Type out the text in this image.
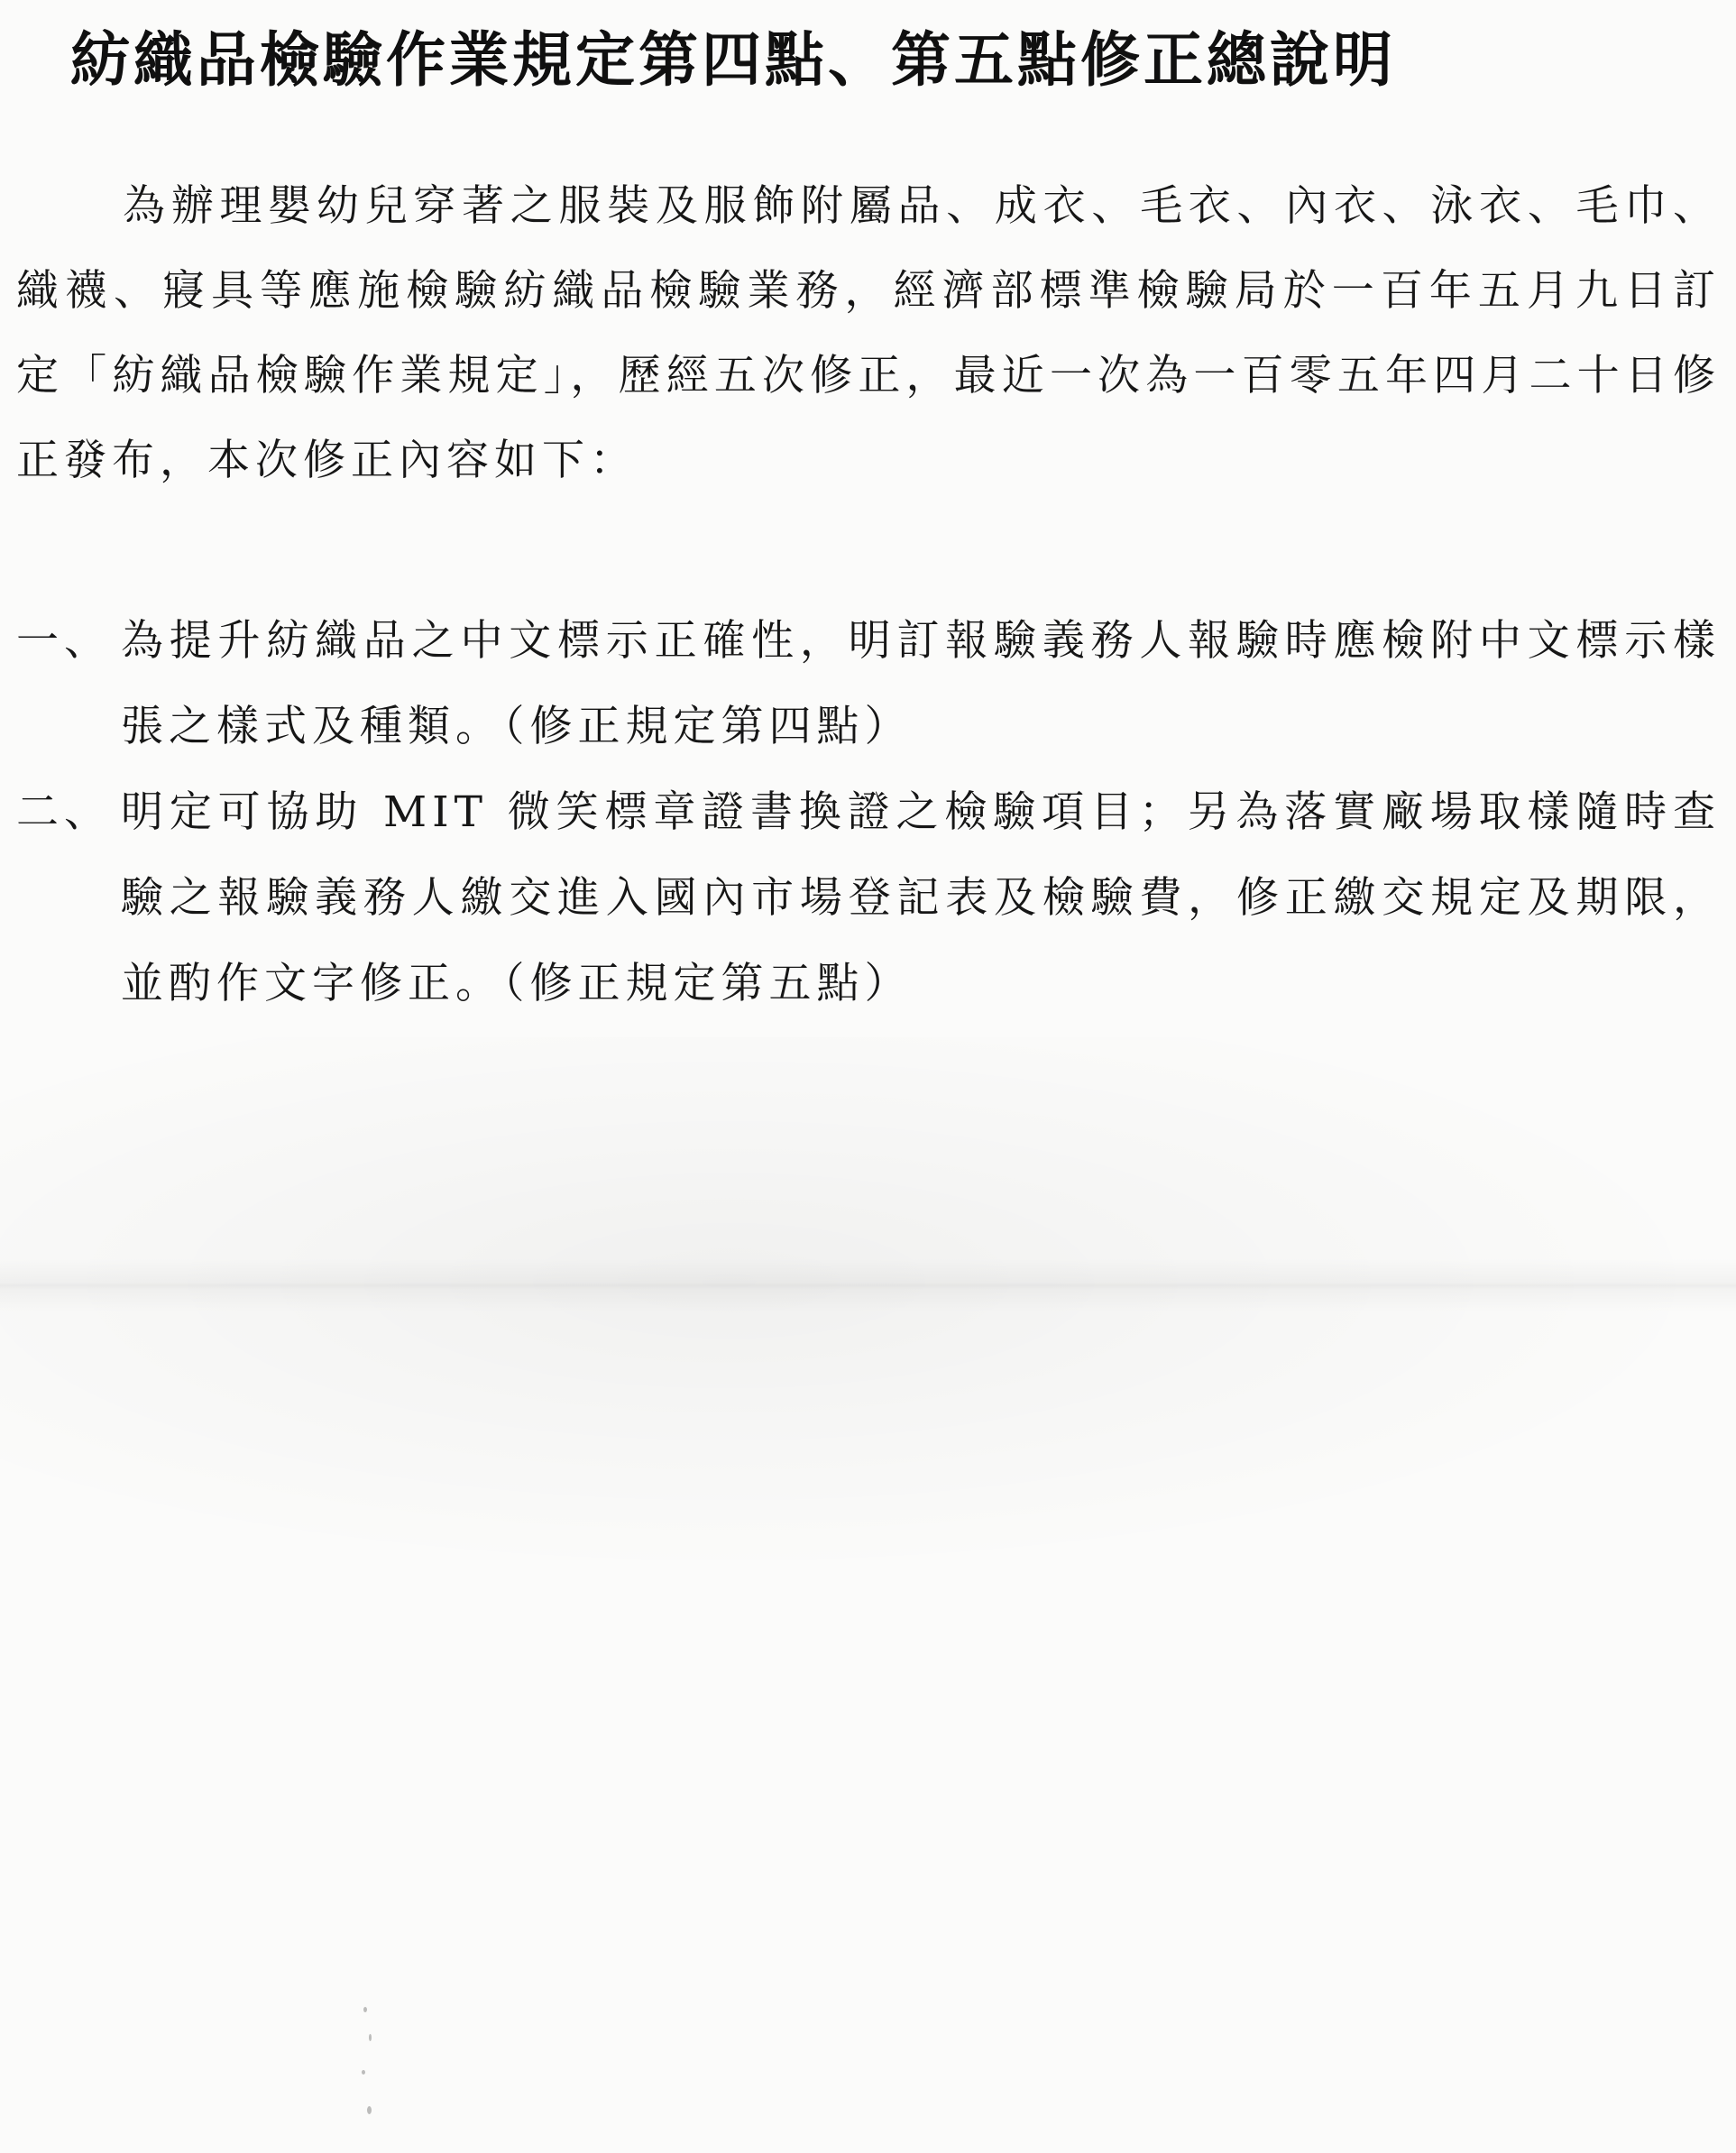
紡織品檢驗作業規定第四點、第五點修正總說明

為辦理嬰幼兒穿著之服裝及服飾附屬品、成衣、毛衣、內衣、泳衣、毛巾、織襪、寢具等應施檢驗紡織品檢驗業務，經濟部標準檢驗局於一百年五月九日訂定「紡織品檢驗作業規定」，歷經五次修正，最近一次為一百零五年四月二十日修正發布，本次修正內容如下：

一、 為提升紡織品之中文標示正確性，明訂報驗義務人報驗時應檢附中文標示樣張之樣式及種類。（修正規定第四點）
二、 明定可協助 MIT 微笑標章證書換證之檢驗項目；另為落實廠場取樣隨時查驗之報驗義務人繳交進入國內市場登記表及檢驗費，修正繳交規定及期限，並酌作文字修正。（修正規定第五點）
